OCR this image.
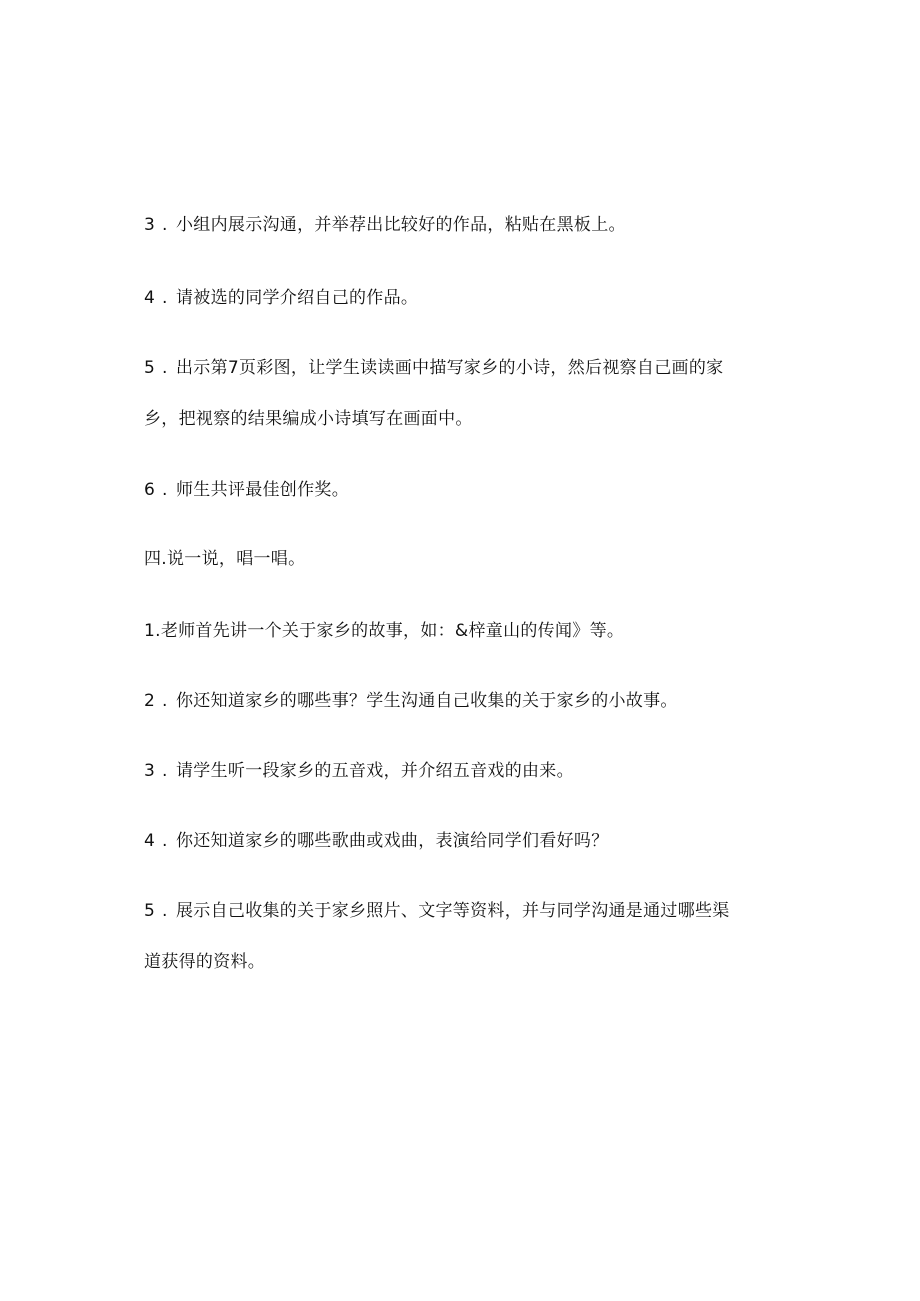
3 . 小组内展示沟通，并举荐出比较好的作品，粘贴在黑板上。
4 . 请被选的同学介绍自己的作品。
5 . 出示第7页彩图，让学生读读画中描写家乡的小诗，然后视察自己画的家
乡，把视察的结果编成小诗填写在画面中。
6 . 师生共评最佳创作奖。
四.说一说，唱一唱。
1.老师首先讲一个关于家乡的故事，如：&梓童山的传闻》等。
2 . 你还知道家乡的哪些事？学生沟通自己收集的关于家乡的小故事。
3 . 请学生听一段家乡的五音戏，并介绍五音戏的由来。
4 . 你还知道家乡的哪些歌曲或戏曲，表演给同学们看好吗？
5 . 展示自己收集的关于家乡照片、文字等资料，并与同学沟通是通过哪些渠
道获得的资料。
